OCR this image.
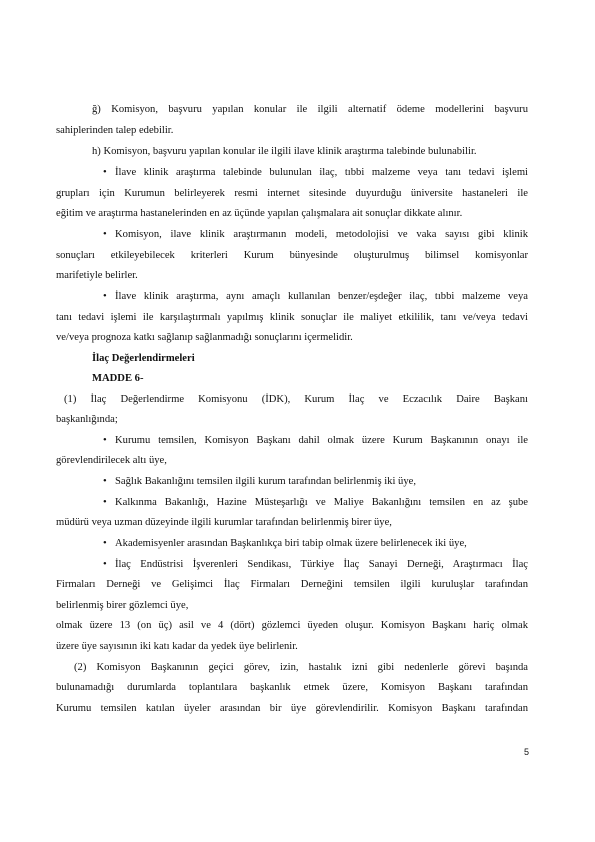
ğ) Komisyon, başvuru yapılan konular ile ilgili alternatif ödeme modellerini başvuru
sahiplerinden talep edebilir.
h) Komisyon, başvuru yapılan konular ile ilgili ilave klinik araştırma talebinde bulunabilir.
• İlave klinik araştırma talebinde bulunulan ilaç, tıbbi malzeme veya tanı tedavi işlemi
grupları için Kurumun belirleyerek resmi internet sitesinde duyurduğu üniversite hastaneleri ile
eğitim ve araştırma hastanelerinden en az üçünde yapılan çalışmalara ait sonuçlar dikkate alınır.
• Komisyon, ilave klinik araştırmanın modeli, metodolojisi ve vaka sayısı gibi klinik
sonuçları etkileyebilecek kriterleri Kurum bünyesinde oluşturulmuş bilimsel komisyonlar
marifetiyle belirler.
• İlave klinik araştırma, aynı amaçlı kullanılan benzer/eşdeğer ilaç, tıbbi malzeme veya
tanı tedavi işlemi ile karşılaştırmalı yapılmış klinik sonuçlar ile maliyet etkililik, tanı ve/veya tedavi
ve/veya prognoza katkı sağlanıp sağlanmadığı sonuçlarını içermelidir.
İlaç Değerlendirmeleri
MADDE 6-
(1) İlaç Değerlendirme Komisyonu (İDK), Kurum İlaç ve Eczacılık Daire Başkanı
başkanlığında;
• Kurumu temsilen, Komisyon Başkanı dahil olmak üzere Kurum Başkanının onayı ile
görevlendirilecek altı üye,
• Sağlık Bakanlığını temsilen ilgili kurum tarafından belirlenmiş iki üye,
• Kalkınma Bakanlığı, Hazine Müsteşarlığı ve Maliye Bakanlığını temsilen en az şube
müdürü veya uzman düzeyinde ilgili kurumlar tarafından belirlenmiş birer üye,
• Akademisyenler arasından Başkanlıkça biri tabip olmak üzere belirlenecek iki üye,
• İlaç Endüstrisi İşverenleri Sendikası, Türkiye İlaç Sanayi Derneği, Araştırmacı İlaç
Firmaları Derneği ve Gelişimci İlaç Firmaları Derneğini temsilen ilgili kuruluşlar tarafından
belirlenmiş birer gözlemci üye,
olmak üzere 13 (on üç) asil ve 4 (dört) gözlemci üyeden oluşur. Komisyon Başkanı hariç olmak
üzere üye sayısının iki katı kadar da yedek üye belirlenir.
(2) Komisyon Başkanının geçici görev, izin, hastalık izni gibi nedenlerle görevi başında
bulunamadığı durumlarda toplantılara başkanlık etmek üzere, Komisyon Başkanı tarafından
Kurumu temsilen katılan üyeler arasından bir üye görevlendirilir. Komisyon Başkanı tarafından
5
